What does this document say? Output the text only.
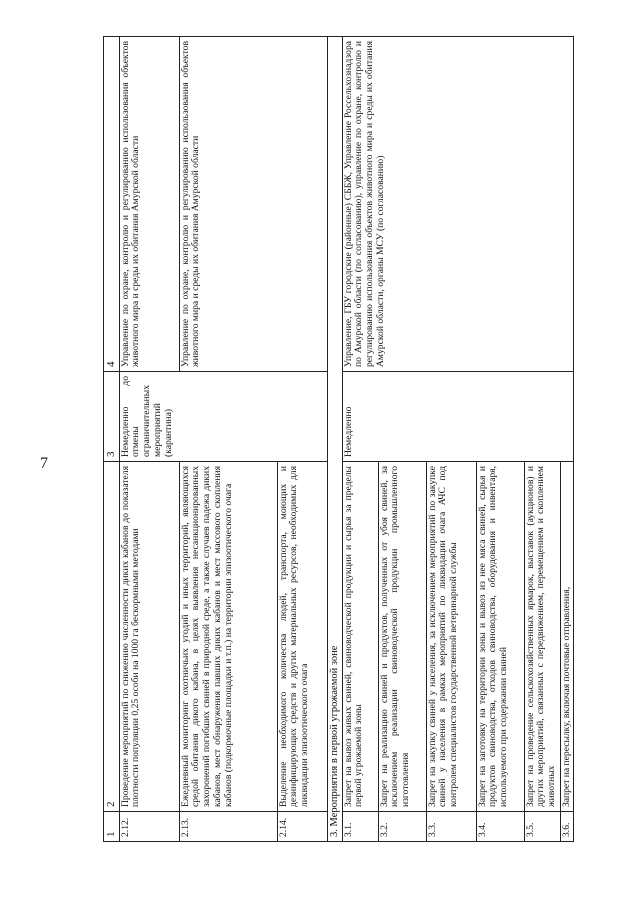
7
1	2	3	4
2.12.	Проведение мероприятий по снижению численности диких кабанов до показателя плотности популяции 0,25 особи на 1000 га бескормными методами	Немедленно до отмены ограничительных мероприятий (карантина)	Управление по охране, контролю и регулированию использования объектов животного мира и среды их обитания Амурской области
2.13.	Ежедневный мониторинг охотничьих угодий и иных территорий, являющихся средой обитания дикого кабана, в целях выявления несанкционированных захоронений погибших свиней в природной среде, а также случаев падежа диких кабанов, мест обнаружения павших диких кабанов и мест массового скопления кабанов (подкормочные площадки и т.п.) на территории эпизоотического очага		Управление по охране, контролю и регулированию использования объектов животного мира и среды их обитания Амурской области
2.14.	Выделение необходимого количества людей, транспорта, моющих и дезинфицирующих средств и других материальных ресурсов, необходимых для ликвидации эпизоотического очага		
3. Мероприятия в первой угрожаемой зоне			
3.1.	Запрет на вывоз живых свиней, свиноводческой продукции и сырья за пределы первой угрожаемой зоны	Немедленно	Управление, ГБУ городские (районные) СББЖ, Управление Россельхознадзора по Амурской области (по согласованию), управление по охране, контролю и регулированию использования объектов животного мира и среды их обитания Амурской области, органы МСУ (по согласованию)
3.2.	Запрет на реализацию свиней и продуктов, полученных от убоя свиней, за исключением реализации свиноводческой продукции промышленного изготовления		
3.3.	Запрет на закупку свиней у населения, за исключением мероприятий по закупке свиней у населения в рамках мероприятий по ликвидации очага АЧС под контролем специалистов государственной ветеринарной службы		
3.4.	Запрет на заготовку на территории зоны и вывоз из нее мяса свиней, сырья и продуктов свиноводства, отходов свиноводства, оборудования и инвентаря, используемого при содержании свиней		
3.5.	Запрет на проведение сельскохозяйственных ярмарок, выставок (аукционов) и других мероприятий, связанных с передвижением, перемещением и скоплением животных		
3.6.	Запрет на пересылку, включая почтовые отправления,		
